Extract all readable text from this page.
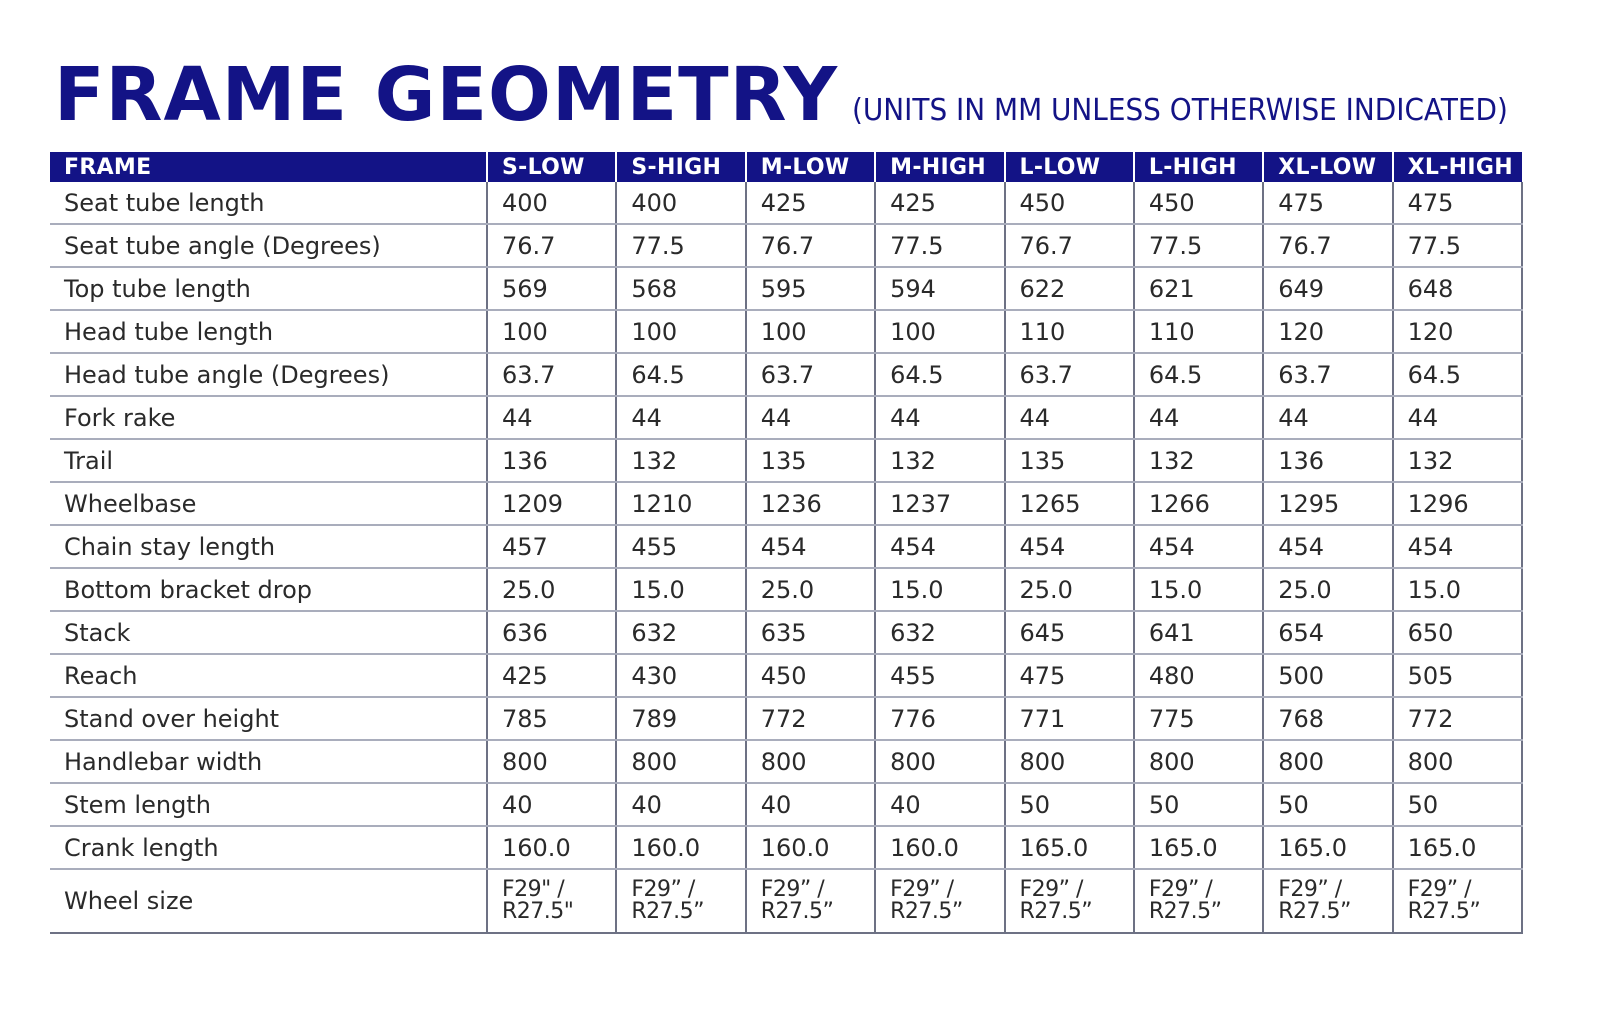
FRAME GEOMETRY (UNITS IN MM UNLESS OTHERWISE INDICATED)
FRAME	S-LOW	S-HIGH	M-LOW	M-HIGH	L-LOW	L-HIGH	XL-LOW	XL-HIGH
Seat tube length	400	400	425	425	450	450	475	475
Seat tube angle (Degrees)	76.7	77.5	76.7	77.5	76.7	77.5	76.7	77.5
Top tube length	569	568	595	594	622	621	649	648
Head tube length	100	100	100	100	110	110	120	120
Head tube angle (Degrees)	63.7	64.5	63.7	64.5	63.7	64.5	63.7	64.5
Fork rake	44	44	44	44	44	44	44	44
Trail	136	132	135	132	135	132	136	132
Wheelbase	1209	1210	1236	1237	1265	1266	1295	1296
Chain stay length	457	455	454	454	454	454	454	454
Bottom bracket drop	25.0	15.0	25.0	15.0	25.0	15.0	25.0	15.0
Stack	636	632	635	632	645	641	654	650
Reach	425	430	450	455	475	480	500	505
Stand over height	785	789	772	776	771	775	768	772
Handlebar width	800	800	800	800	800	800	800	800
Stem length	40	40	40	40	50	50	50	50
Crank length	160.0	160.0	160.0	160.0	165.0	165.0	165.0	165.0
Wheel size	F29" / R27.5"	F29” / R27.5”	F29” / R27.5”	F29” / R27.5”	F29” / R27.5”	F29” / R27.5”	F29” / R27.5”	F29” / R27.5”
